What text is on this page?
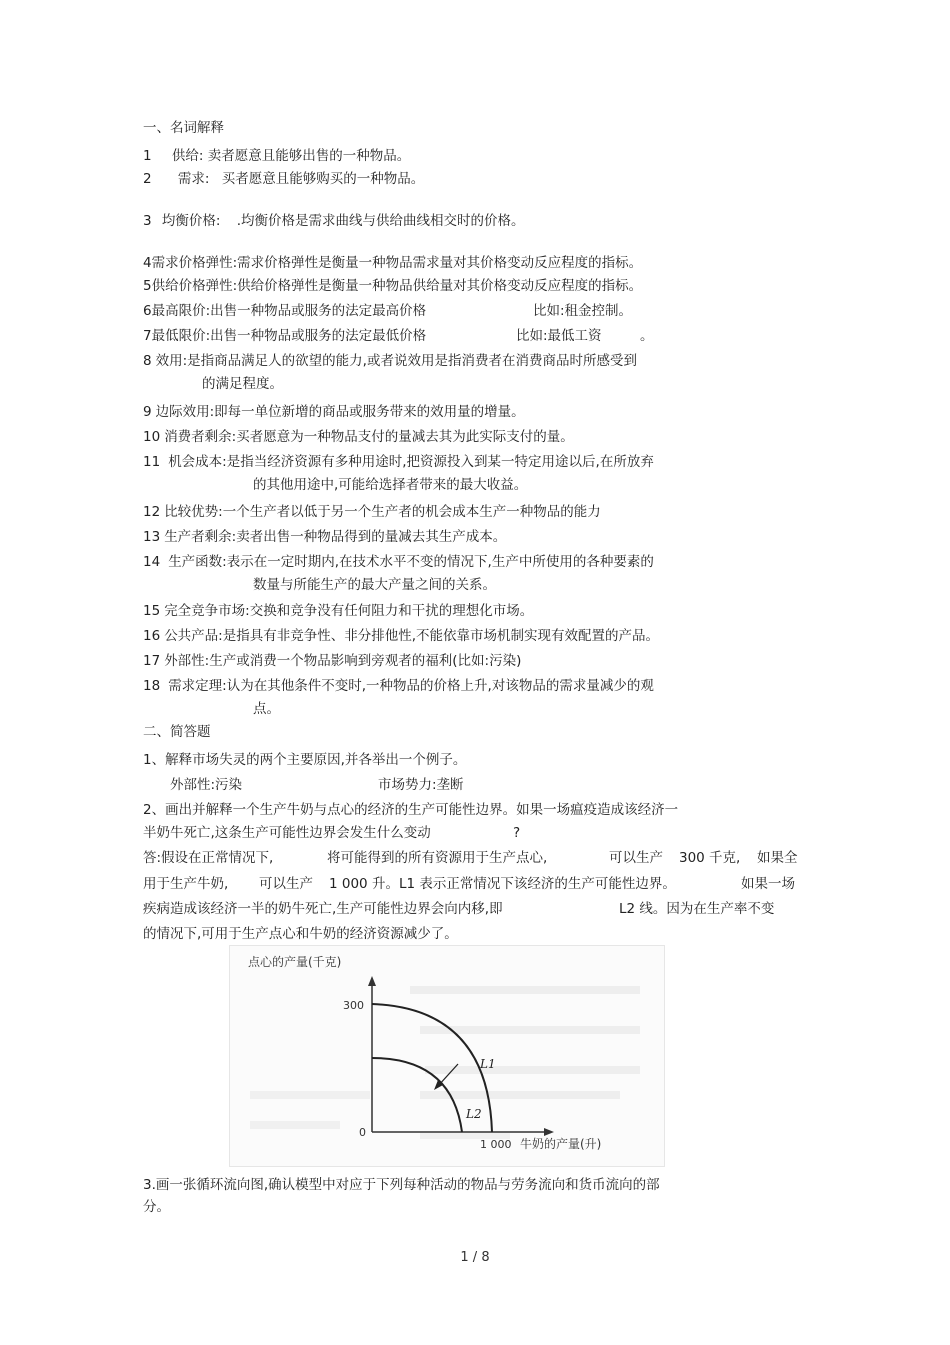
一、名词解释
1 供给: 卖者愿意且能够出售的一种物品。
2 需求: 买者愿意且能够购买的一种物品。
3 均衡价格: .均衡价格是需求曲线与供给曲线相交时的价格。
4需求价格弹性:需求价格弹性是衡量一种物品需求量对其价格变动反应程度的指标。
5供给价格弹性:供给价格弹性是衡量一种物品供给量对其价格变动反应程度的指标。
6最高限价:出售一种物品或服务的法定最高价格	比如:租金控制。
7最低限价:出售一种物品或服务的法定最低价格	比如:最低工资	。
8 效用:是指商品满足人的欲望的能力,或者说效用是指消费者在消费商品时所感受到
的满足程度。
9 边际效用:即每一单位新增的商品或服务带来的效用量的增量。
10 消费者剩余:买者愿意为一种物品支付的量减去其为此实际支付的量。
11 机会成本:是指当经济资源有多种用途时,把资源投入到某一特定用途以后,在所放弃
的其他用途中,可能给选择者带来的最大收益。
12 比较优势:一个生产者以低于另一个生产者的机会成本生产一种物品的能力
13 生产者剩余:卖者出售一种物品得到的量减去其生产成本。
14 生产函数:表示在一定时期内,在技术水平不变的情况下,生产中所使用的各种要素的
数量与所能生产的最大产量之间的关系。
15 完全竞争市场:交换和竞争没有任何阻力和干扰的理想化市场。
16 公共产品:是指具有非竞争性、非分排他性,不能依靠市场机制实现有效配置的产品。
17 外部性:生产或消费一个物品影响到旁观者的福利(比如:污染)
18 需求定理:认为在其他条件不变时,一种物品的价格上升,对该物品的需求量减少的观
点。
二、简答题
1、解释市场失灵的两个主要原因,并各举出一个例子。
外部性:污染	市场势力:垄断
2、画出并解释一个生产牛奶与点心的经济的生产可能性边界。如果一场瘟疫造成该经济一
半奶牛死亡,这条生产可能性边界会发生什么变动	?
答:假设在正常情况下,	将可能得到的所有资源用于生产点心,	可以生产 300 千克, 如果全
用于生产牛奶, 可以生产 1 000 升。L1 表示正常情况下该经济的生产可能性边界。	如果一场
疾病造成该经济一半的奶牛死亡,生产可能性边界会向内移,即	L2 线。因为在生产率不变
的情况下,可用于生产点心和牛奶的经济资源减少了。
点心的产量(千克)
300
0
1 000 牛奶的产量(升)
L1
L2
3.画一张循环流向图,确认模型中对应于下列每种活动的物品与劳务流向和货币流向的部
分。
1 / 8
